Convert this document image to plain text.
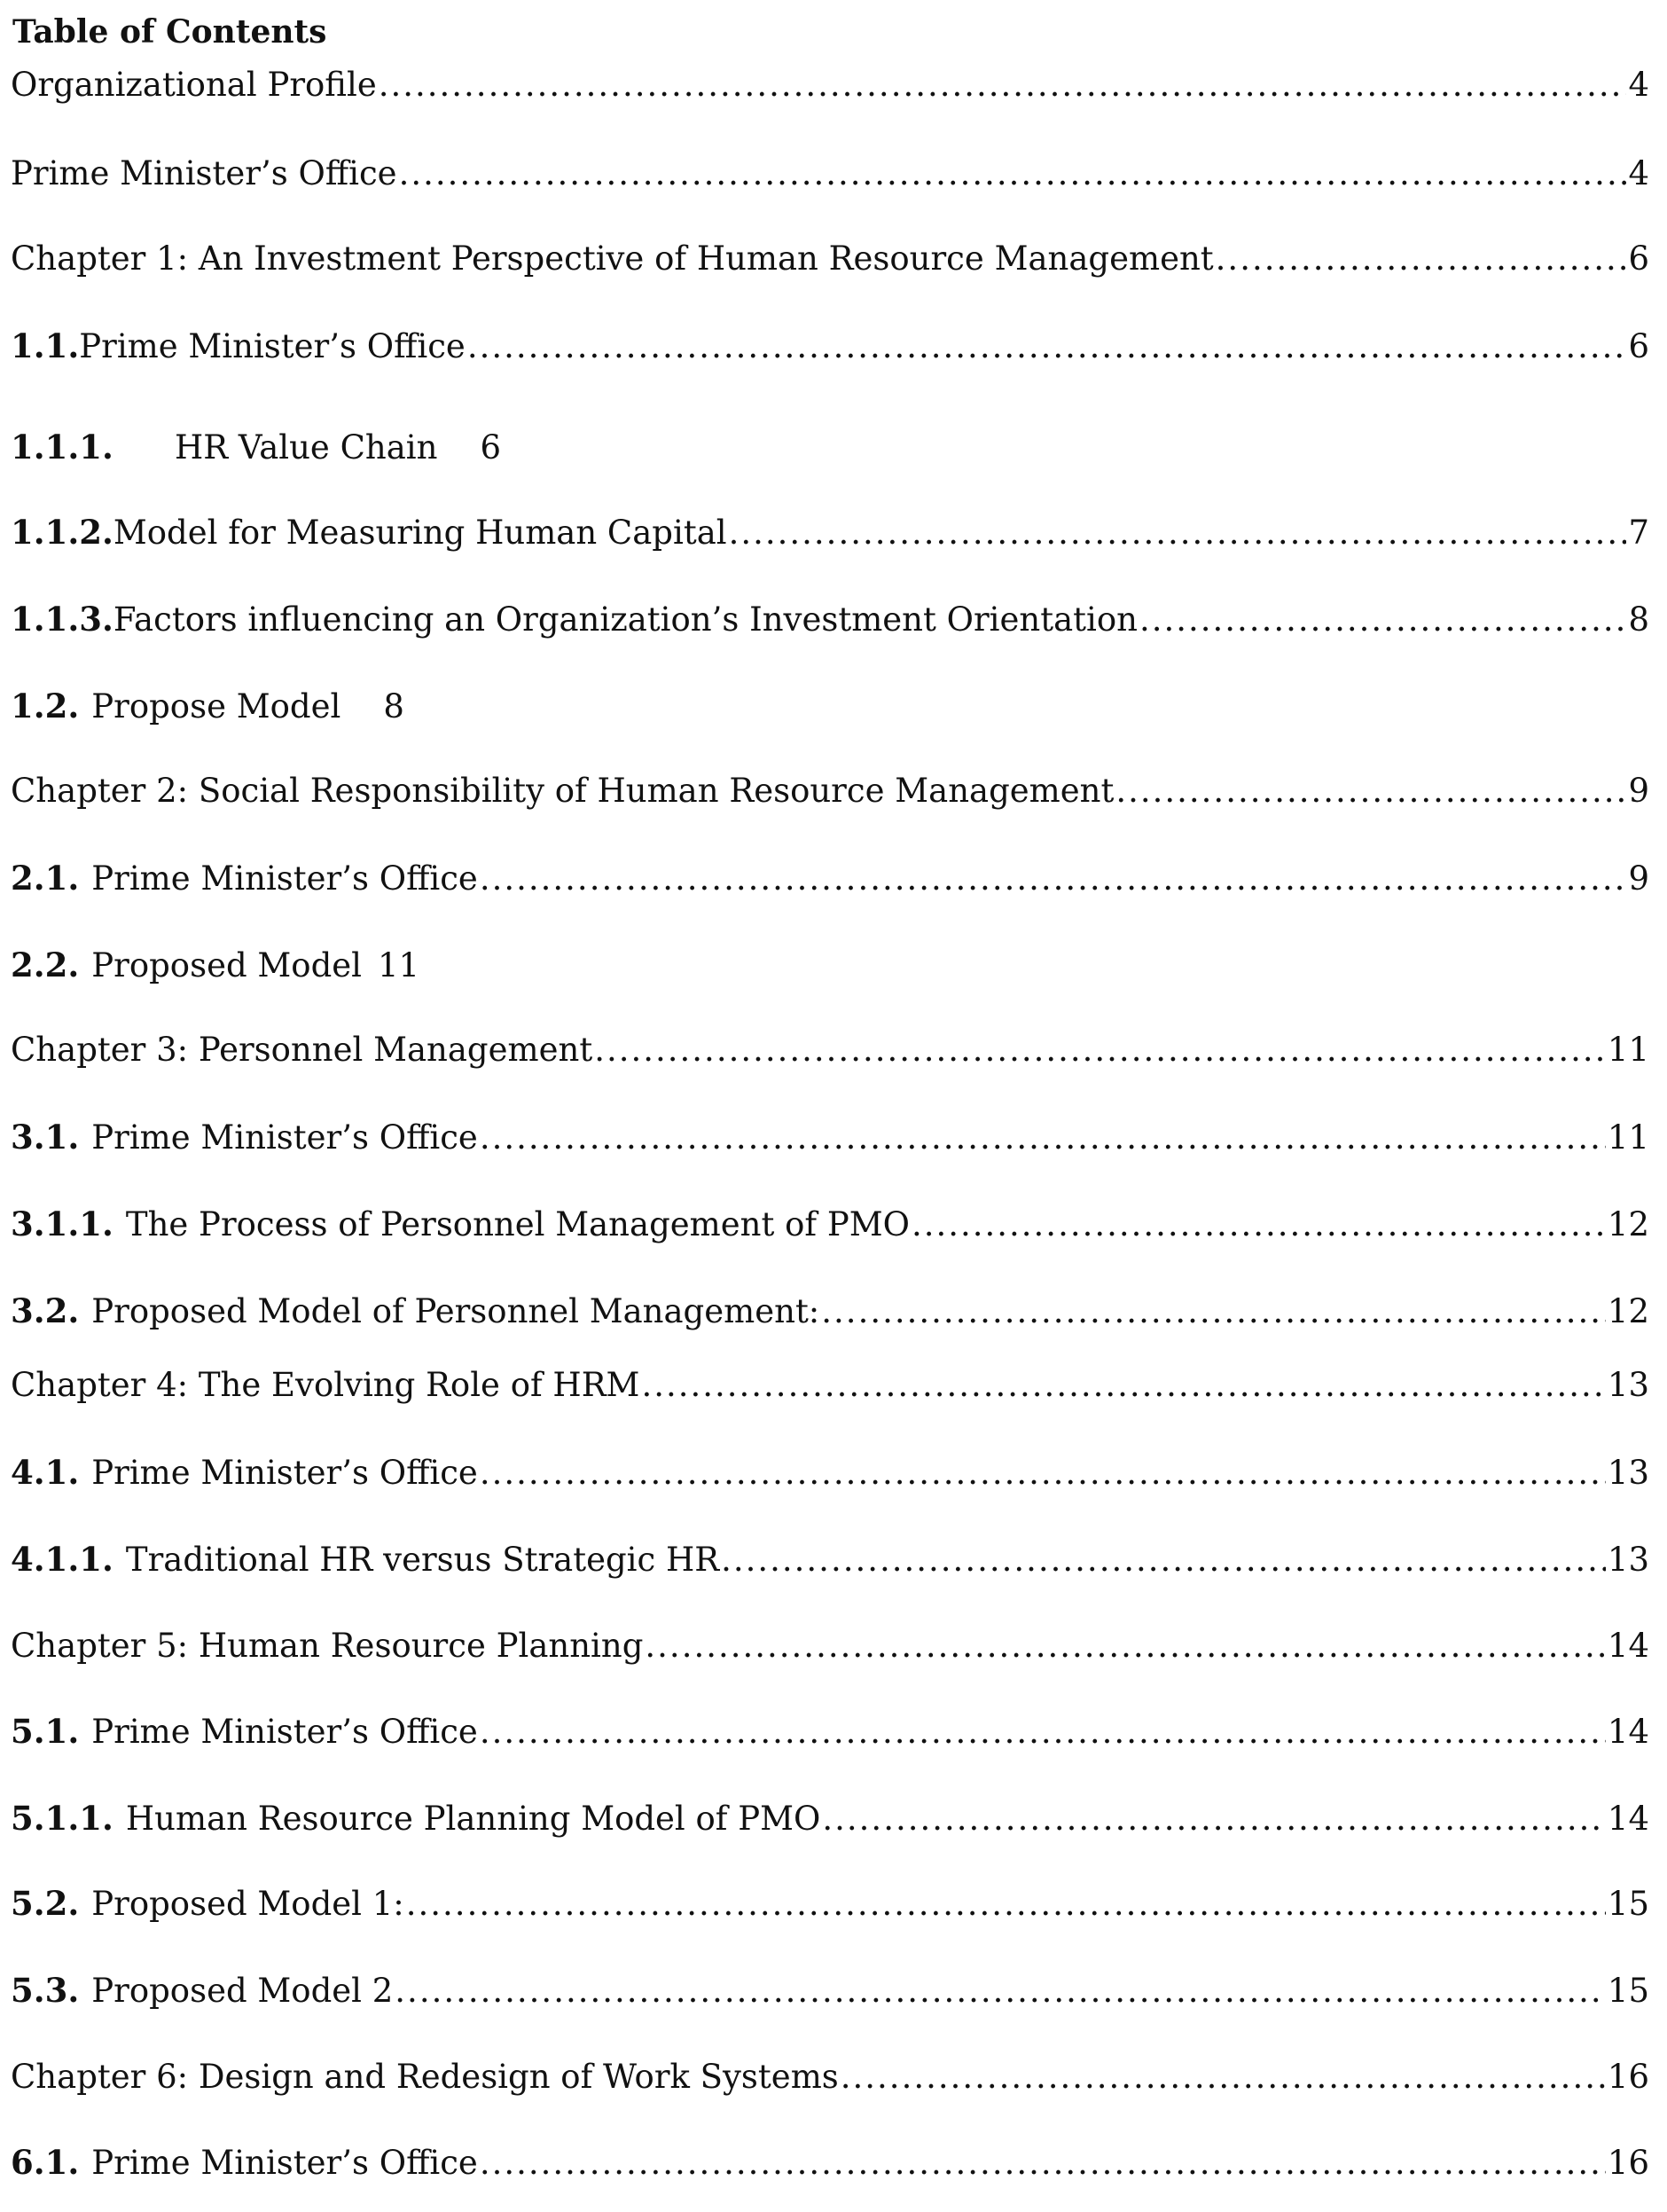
Table of Contents
Organizational Profile .....	4
Prime Minister’s Office .....	4
Chapter 1: An Investment Perspective of Human Resource Management .....	6
1.1. Prime Minister’s Office .....	6
1.1.1.	HR Value Chain 6
1.1.2. Model for Measuring Human Capital .....	7
1.1.3. Factors influencing an Organization’s Investment Orientation .....	8
1.2. Propose Model 8
Chapter 2: Social Responsibility of Human Resource Management .....	9
2.1. Prime Minister’s Office .....	9
2.2. Proposed Model 11
Chapter 3: Personnel Management .....	11
3.1. Prime Minister’s Office .....	11
3.1.1. The Process of Personnel Management of PMO .....	12
3.2. Proposed Model of Personnel Management: .....	12
Chapter 4: The Evolving Role of HRM .....	13
4.1. Prime Minister’s Office .....	13
4.1.1. Traditional HR versus Strategic HR .....	13
Chapter 5: Human Resource Planning .....	14
5.1. Prime Minister’s Office .....	14
5.1.1. Human Resource Planning Model of PMO .....	14
5.2. Proposed Model 1: .....	15
5.3. Proposed Model 2 .....	15
Chapter 6: Design and Redesign of Work Systems .....	16
6.1. Prime Minister’s Office .....	16
